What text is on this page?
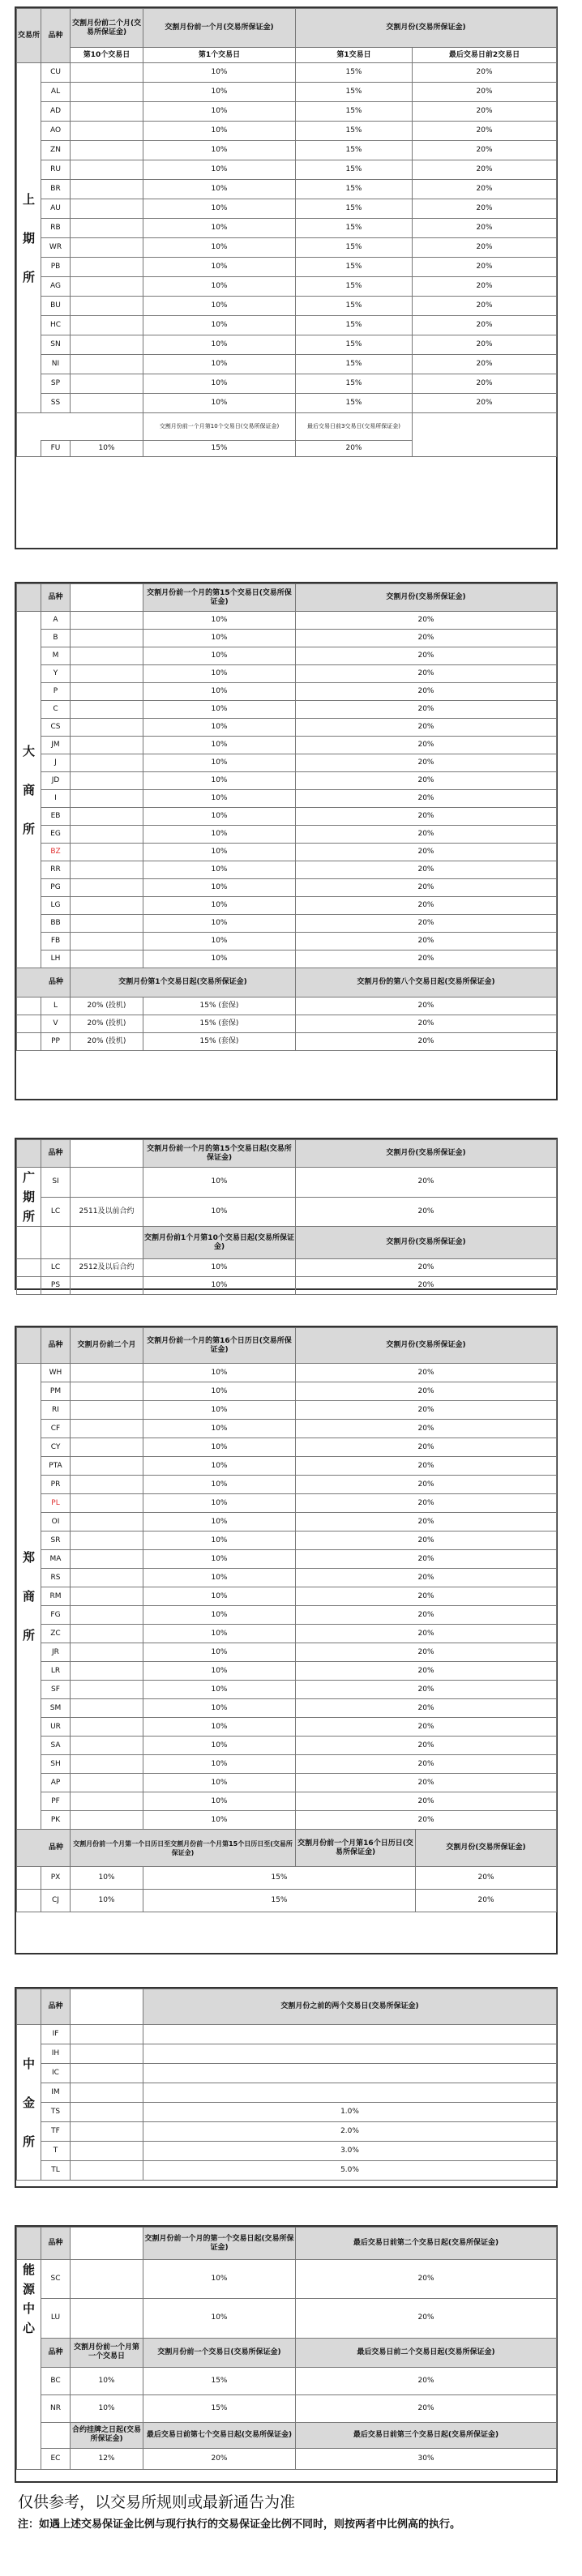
交易所	品种	交割月份前二个月(交易所保证金)	交割月份前一个月(交易所保证金)	交割月份(交易所保证金)	
		第10个交易日	第1个交易日	第1交易日	最后交易日前2交易日
上

期

所	CU		10%	15%	20%
	AL		10%	15%	20%
	AD		10%	15%	20%
	AO		10%	15%	20%
	ZN		10%	15%	20%
	RU		10%	15%	20%
	BR		10%	15%	20%
	AU		10%	15%	20%
	RB		10%	15%	20%
	WR		10%	15%	20%
	PB		10%	15%	20%
	AG		10%	15%	20%
	BU		10%	15%	20%
	HC		10%	15%	20%
	SN		10%	15%	20%
	NI		10%	15%	20%
	SP		10%	15%	20%
	SS		10%	15%	20%
			交割月份前一个月第10个交易日(交易所保证金)	最后交易日前3交易日(交易所保证金)	
	FU	10%	15%	20%	
	品种		交割月份前一个月的第15个交易日(交易所保证金)	交割月份(交易所保证金)
大

商

所	A		10%	20%
	B		10%	20%
	M		10%	20%
	Y		10%	20%
	P		10%	20%
	C		10%	20%
	CS		10%	20%
	JM		10%	20%
	J		10%	20%
	JD		10%	20%
	I		10%	20%
	EB		10%	20%
	EG		10%	20%
	BZ		10%	20%
	RR		10%	20%
	PG		10%	20%
	LG		10%	20%
	BB		10%	20%
	FB		10%	20%
	LH		10%	20%
品种		交割月份第1个交易日起(交易所保证金)		交割月份的第八个交易日起(交易所保证金)
	L	20% (投机)	15% (套保)	20%
	V	20% (投机)	15% (套保)	20%
	PP	20% (投机)	15% (套保)	20%
	品种		交割月份前一个月的第15个交易日起(交易所保证金)	交割月份(交易所保证金)
广
期
所	SI		10%	20%
	LC	2511及以前合约	10%	20%
			交割月份前1个月第10个交易日起(交易所保证金)	交割月份(交易所保证金)
	LC	2512及以后合约	10%	20%
	PS		10%	20%
	品种	交割月份前二个月	交割月份前一个月的第16个日历日(交易所保证金)	交割月份(交易所保证金)	
郑

商

所	WH		10%	20%	
	PM		10%	20%	
	RI		10%	20%	
	CF		10%	20%	
	CY		10%	20%	
	PTA		10%	20%	
	PR		10%	20%	
	PL		10%	20%	
	OI		10%	20%	
	SR		10%	20%	
	MA		10%	20%	
	RS		10%	20%	
	RM		10%	20%	
	FG		10%	20%	
	ZC		10%	20%	
	JR		10%	20%	
	LR		10%	20%	
	SF		10%	20%	
	SM		10%	20%	
	UR		10%	20%	
	SA		10%	20%	
	SH		10%	20%	
	AP		10%	20%	
	PF		10%	20%	
	PK		10%	20%	
品种		交割月份前一个月第一个日历日至交割月份前一个月第15个日历日至(交易所保证金)		交割月份前一个月第16个日历日(交易所保证金)	交割月份(交易所保证金)
	PX	10%	15%		20%
	CJ	10%	15%		20%
	品种		交割月份之前的两个交易日(交易所保证金)
中

金

所	IF		
	IH		
	IC		
	IM		
	TS		1.0%
	TF		2.0%
	T		3.0%
	TL		5.0%
	品种		交割月份前一个月的第一个交易日起(交易所保证金)	最后交易日前第二个交易日起(交易所保证金)
能
源
中
心	SC		10%	20%
	LU		10%	20%
	品种	交割月份前一个月第一个交易日	交割月份前一个交易日(交易所保证金)	最后交易日前二个交易日起(交易所保证金)
	BC	10%	15%	20%
	NR	10%	15%	20%
		合约挂牌之日起(交易所保证金)	最后交易日前第七个交易日起(交易所保证金)	最后交易日前第三个交易日起(交易所保证金)
	EC	12%	20%	30%
仅供参考，以交易所规则或最新通告为准
注：如遇上述交易保证金比例与现行执行的交易保证金比例不同时，则按两者中比例高的执行。
